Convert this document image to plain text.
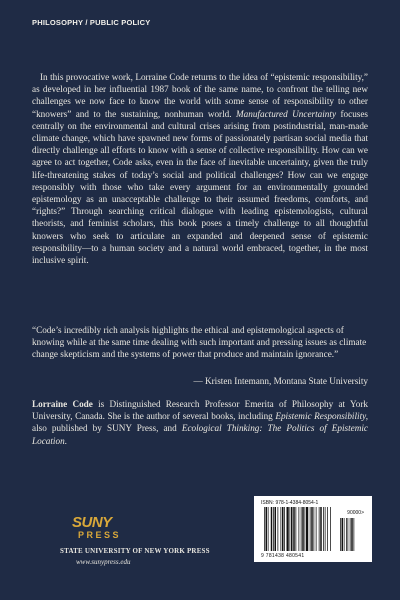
PHILOSOPHY / PUBLIC POLICY

In this provocative work, Lorraine Code returns to the idea of “epistemic responsibility,” as developed in her influential 1987 book of the same name, to confront the telling new challenges we now face to know the world with some sense of responsibility to other “knowers” and to the sustaining, nonhuman world. Manufactured Uncertainty focuses centrally on the environmental and cultural crises arising from postindustrial, man-made climate change, which have spawned new forms of passionately partisan social media that directly challenge all efforts to know with a sense of collective responsibility. How can we agree to act together, Code asks, even in the face of inevitable uncertainty, given the truly life-threatening stakes of today’s social and political challenges? How can we engage responsibly with those who take every argument for an environmentally grounded epistemology as an unacceptable challenge to their assumed freedoms, comforts, and “rights?” Through searching critical dialogue with leading epistemologists, cultural theorists, and feminist scholars, this book poses a timely challenge to all thoughtful knowers who seek to articulate an expanded and deepened sense of epistemic responsibility—to a human society and a natural world embraced, together, in the most inclusive spirit.

“Code’s incredibly rich analysis highlights the ethical and epistemological aspects of knowing while at the same time dealing with such important and pressing issues as climate change skepticism and the systems of power that produce and maintain ignorance.”

— Kristen Intemann, Montana State University

Lorraine Code is Distinguished Research Professor Emerita of Philosophy at York University, Canada. She is the author of several books, including Epistemic Responsibility, also published by SUNY Press, and Ecological Thinking: The Politics of Epistemic Location.

SUNY
PRESS
STATE UNIVERSITY OF NEW YORK PRESS
www.sunypress.edu
ISBN: 978-1-4384-8054-1
90000>
9 781438 480541
